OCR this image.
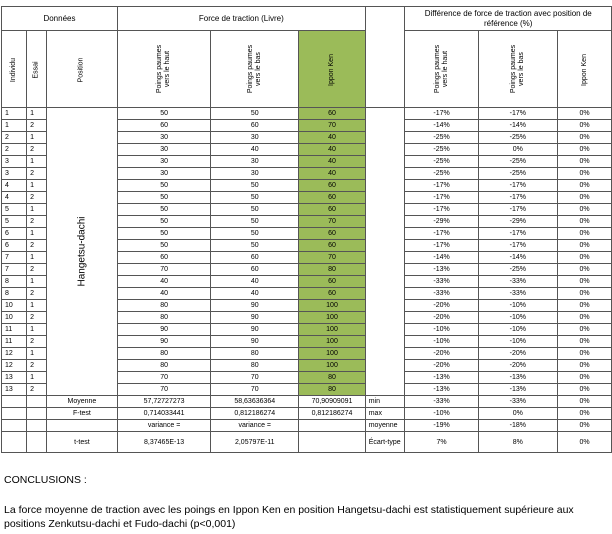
Données			Force de traction (Livre)				Différence de force de traction avec position de référence (%)		

Individu	Essai	Position	Poings paumes vers le haut	Poings paumes vers le bas	Ippon Ken		Poings paumes vers le haut	Poings paumes vers le bas	Ippon Ken
1	1	Hangetsu-dachi	50	50	60		-17%	-17%	0%
1	2		60	60	70		-14%	-14%	0%
2	1		30	30	40		-25%	-25%	0%
2	2		30	40	40		-25%	0%	0%
3	1		30	30	40		-25%	-25%	0%
3	2		30	30	40		-25%	-25%	0%
4	1		50	50	60		-17%	-17%	0%
4	2		50	50	60		-17%	-17%	0%
5	1		50	50	60		-17%	-17%	0%
5	2		50	50	70		-29%	-29%	0%
6	1		50	50	60		-17%	-17%	0%
6	2		50	50	60		-17%	-17%	0%
7	1		60	60	70		-14%	-14%	0%
7	2		70	60	80		-13%	-25%	0%
8	1		40	40	60		-33%	-33%	0%
8	2		40	40	60		-33%	-33%	0%
10	1		80	90	100		-20%	-10%	0%
10	2		80	90	100		-20%	-10%	0%
11	1		90	90	100		-10%	-10%	0%
11	2		90	90	100		-10%	-10%	0%
12	1		80	80	100		-20%	-20%	0%
12	2		80	80	100		-20%	-20%	0%
13	1		70	70	80		-13%	-13%	0%
13	2		70	70	80		-13%	-13%	0%
		Moyenne	57,72727273	58,63636364	70,90909091	min	-33%	-33%	0%
		F-test	0,714033441	0,812186274	0,812186274	max	-10%	0%	0%
			variance =	variance =		moyenne	-19%	-18%	0%
		t-test	8,37465E-13	2,05797E-11		Écart-type	7%	8%	0%
CONCLUSIONS :
La force moyenne de traction avec les poings en Ippon Ken en position Hangetsu-dachi est statistiquement supérieure aux positions Zenkutsu-dachi et Fudo-dachi (p<0,001)
